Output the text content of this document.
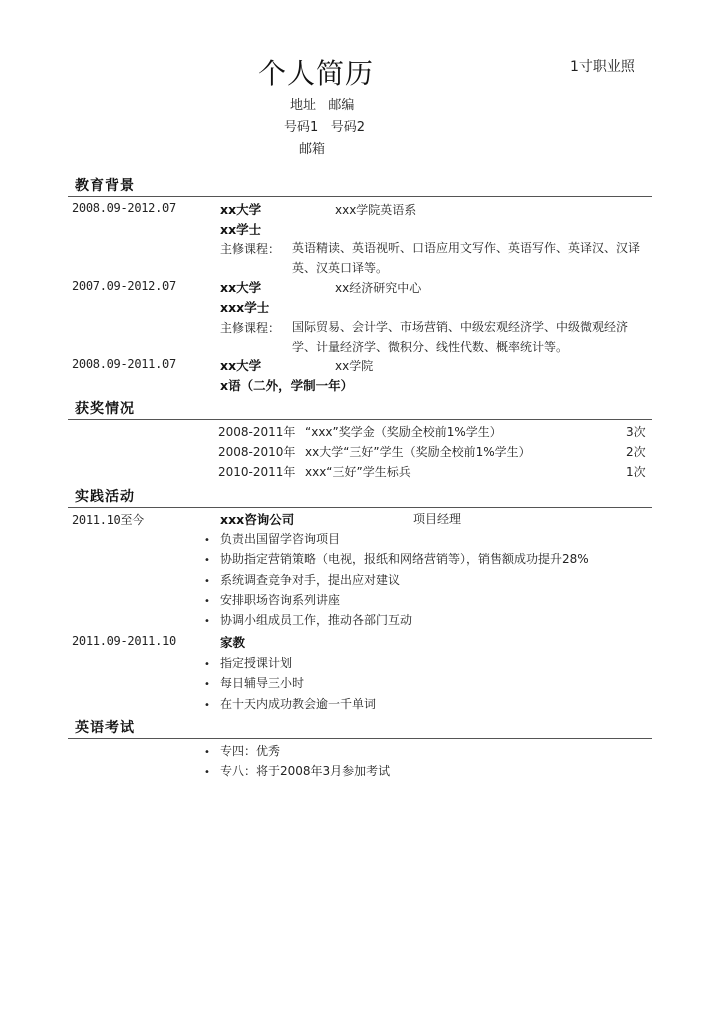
个人简历	1寸职业照
地址 邮编
号码1 号码2
邮箱
教育背景
2008.09-2012.07	xx大学	xxx学院英语系
xx学士
主修课程： 英语精读、英语视听、口语应用文写作、英语写作、英译汉、汉译英、汉英口译等。
2007.09-2012.07	xx大学	xx经济研究中心
xxx学士
主修课程： 国际贸易、会计学、市场营销、中级宏观经济学、中级微观经济学、计量经济学、微积分、线性代数、概率统计等。
2008.09-2011.07	xx大学	xx学院
x语（二外，学制一年）
获奖情况
2008-2011年 “xxx”奖学金（奖励全校前1%学生）	3次
2008-2010年 xx大学“三好”学生（奖励全校前1%学生）	2次
2010-2011年 xxx“三好”学生标兵	1次
实践活动
2011.10至今	xxx咨询公司	项目经理
• 负责出国留学咨询项目
• 协助指定营销策略（电视，报纸和网络营销等），销售额成功提升28%
• 系统调查竞争对手，提出应对建议
• 安排职场咨询系列讲座
• 协调小组成员工作，推动各部门互动
2011.09-2011.10	家教
• 指定授课计划
• 每日辅导三小时
• 在十天内成功教会逾一千单词
英语考试
• 专四：优秀
• 专八：将于2008年3月参加考试
